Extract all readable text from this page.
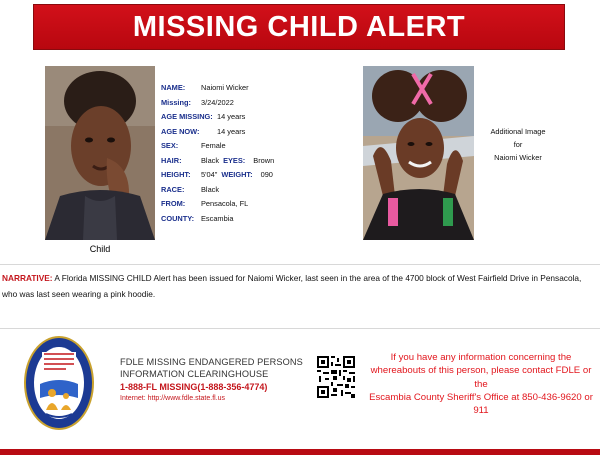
MISSING CHILD ALERT
Child
NAME:	Naiomi Wicker
Missing:	3/24/2022
AGE MISSING: 14 years
AGE NOW:	14 years
SEX:	Female
HAIR:	Black EYES: Brown
HEIGHT:	5'04" WEIGHT: 090
RACE:	Black
FROM:	Pensacola, FL
COUNTY: Escambia
Additional Image
for
Naiomi Wicker
NARRATIVE: A Florida MISSING CHILD Alert has been issued for Naiomi Wicker, last seen in the area of the 4700 block of West Fairfield Drive in Pensacola, who was last seen wearing a pink hoodie.
FDLE MISSING ENDANGERED PERSONS
INFORMATION CLEARINGHOUSE
1-888-FL MISSING(1-888-356-4774)
Internet: http://www.fdle.state.fl.us
If you have any information concerning the
whereabouts of this person, please contact FDLE or
the
Escambia County Sheriff's Office at 850-436-9620 or
911
